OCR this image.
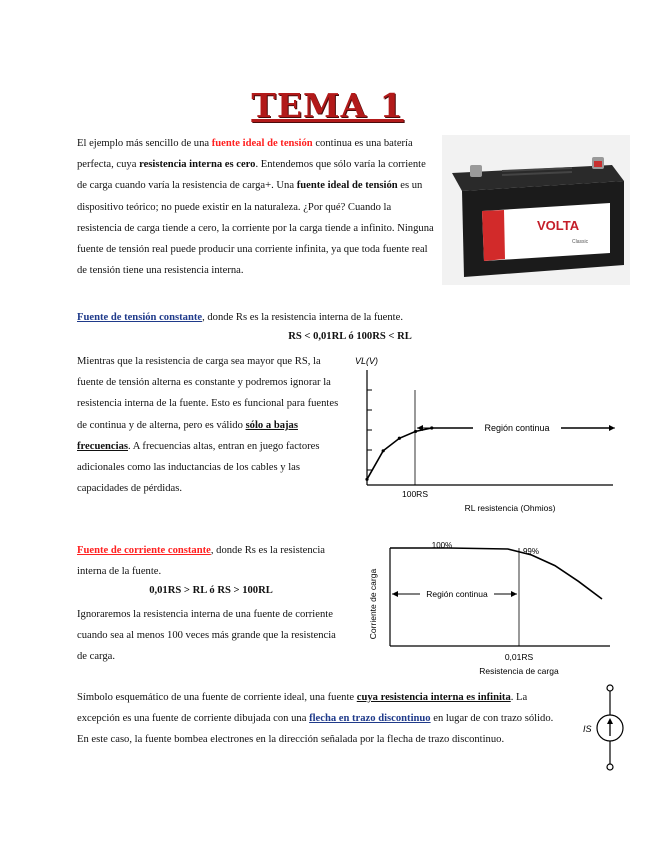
TEMA 1
El ejemplo más sencillo de una fuente ideal de tensión continua es una batería perfecta, cuya resistencia interna es cero. Entendemos que sólo varía la corriente de carga cuando varía la resistencia de carga+. Una fuente ideal de tensión es un dispositivo teórico; no puede existir en la naturaleza. ¿Por qué? Cuando la resistencia de carga tiende a cero, la corriente por la carga tiende a infinito. Ninguna fuente de tensión real puede producir una corriente infinita, ya que toda fuente real de tensión tiene una resistencia interna.
VOLTA
Classic
Fuente de tensión constante, donde Rs es la resistencia interna de la fuente.
RS < 0,01RL ó 100RS < RL
Mientras que la resistencia de carga sea mayor que RS, la fuente de tensión alterna es constante y podremos ignorar la resistencia interna de la fuente. Esto es funcional para fuentes de continua y de alterna, pero es válido sólo a bajas frecuencias. A frecuencias altas, entran en juego factores adicionales como las inductancias de los cables y las capacidades de pérdidas.
VL(V)
Región continua
100RS
RL resistencia (Ohmios)
Fuente de corriente constante, donde Rs es la resistencia interna de la fuente.
0,01RS > RL ó RS > 100RL
Ignoraremos la resistencia interna de una fuente de corriente cuando sea al menos 100 veces más grande que la resistencia de carga.
Corriente de carga
100%
99%
Región continua
0,01RS
Resistencia de carga
Símbolo esquemático de una fuente de corriente ideal, una fuente cuya resistencia interna es infinita. La excepción es una fuente de corriente dibujada con una flecha en trazo discontinuo en lugar de con trazo sólido. En este caso, la fuente bombea electrones en la dirección señalada por la flecha de trazo discontinuo.
IS
